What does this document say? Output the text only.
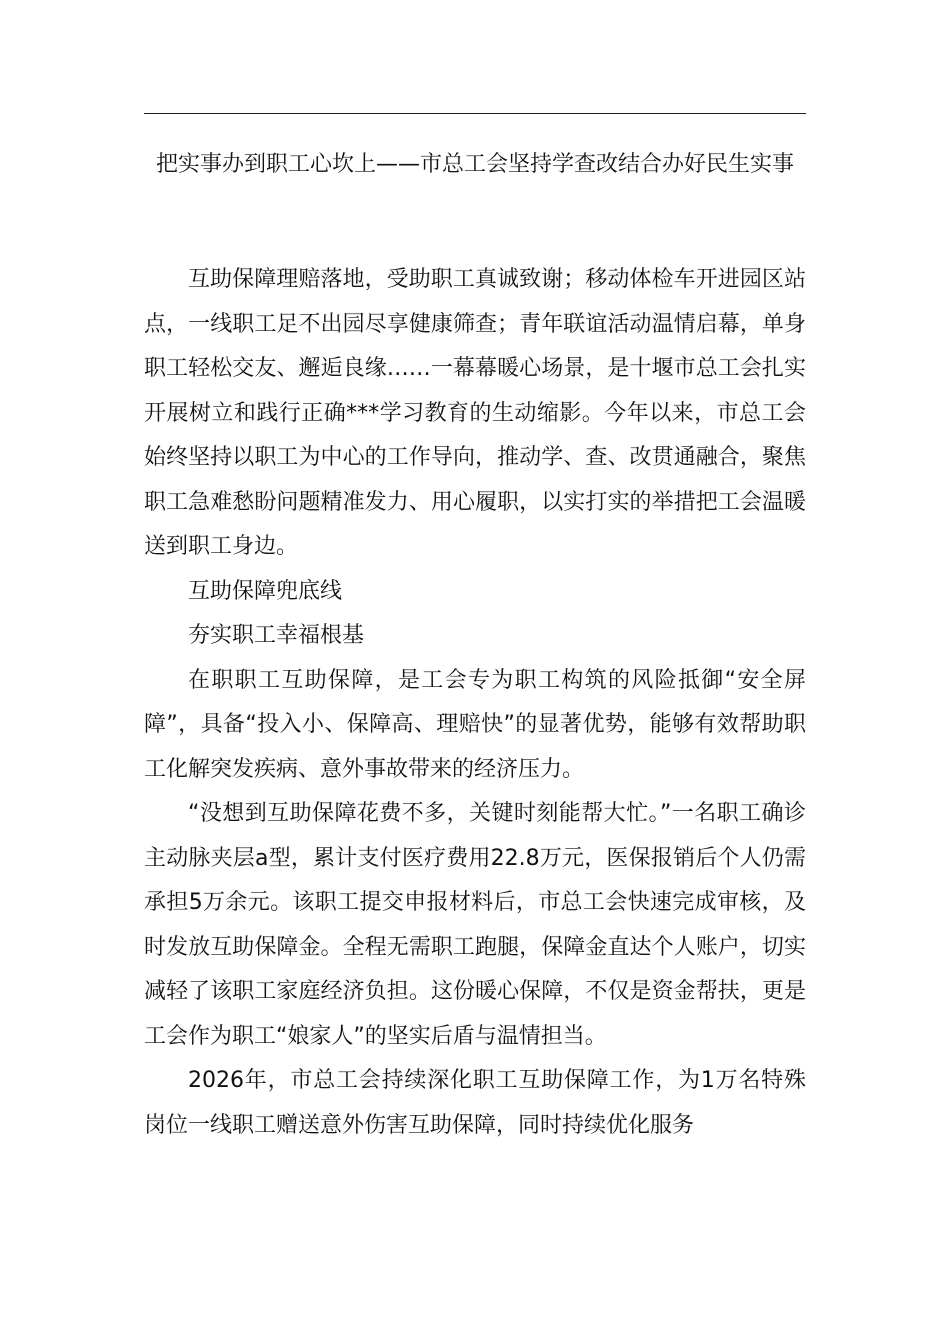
把实事办到职工心坎上——市总工会坚持学查改结合办好民生实事

互助保障理赔落地，受助职工真诚致谢；移动体检车开进园区站点，一线职工足不出园尽享健康筛查；青年联谊活动温情启幕，单身职工轻松交友、邂逅良缘……一幕幕暖心场景，是十堰市总工会扎实开展树立和践行正确***学习教育的生动缩影。今年以来，市总工会始终坚持以职工为中心的工作导向，推动学、查、改贯通融合，聚焦职工急难愁盼问题精准发力、用心履职，以实打实的举措把工会温暖送到职工身边。

互助保障兜底线

夯实职工幸福根基

在职职工互助保障，是工会专为职工构筑的风险抵御“安全屏障”，具备“投入小、保障高、理赔快”的显著优势，能够有效帮助职工化解突发疾病、意外事故带来的经济压力。

“没想到互助保障花费不多，关键时刻能帮大忙。”一名职工确诊主动脉夹层a型，累计支付医疗费用22.8万元，医保报销后个人仍需承担5万余元。该职工提交申报材料后，市总工会快速完成审核，及时发放互助保障金。全程无需职工跑腿，保障金直达个人账户，切实减轻了该职工家庭经济负担。这份暖心保障，不仅是资金帮扶，更是工会作为职工“娘家人”的坚实后盾与温情担当。

2026年，市总工会持续深化职工互助保障工作，为1万名特殊岗位一线职工赠送意外伤害互助保障，同时持续优化服务
